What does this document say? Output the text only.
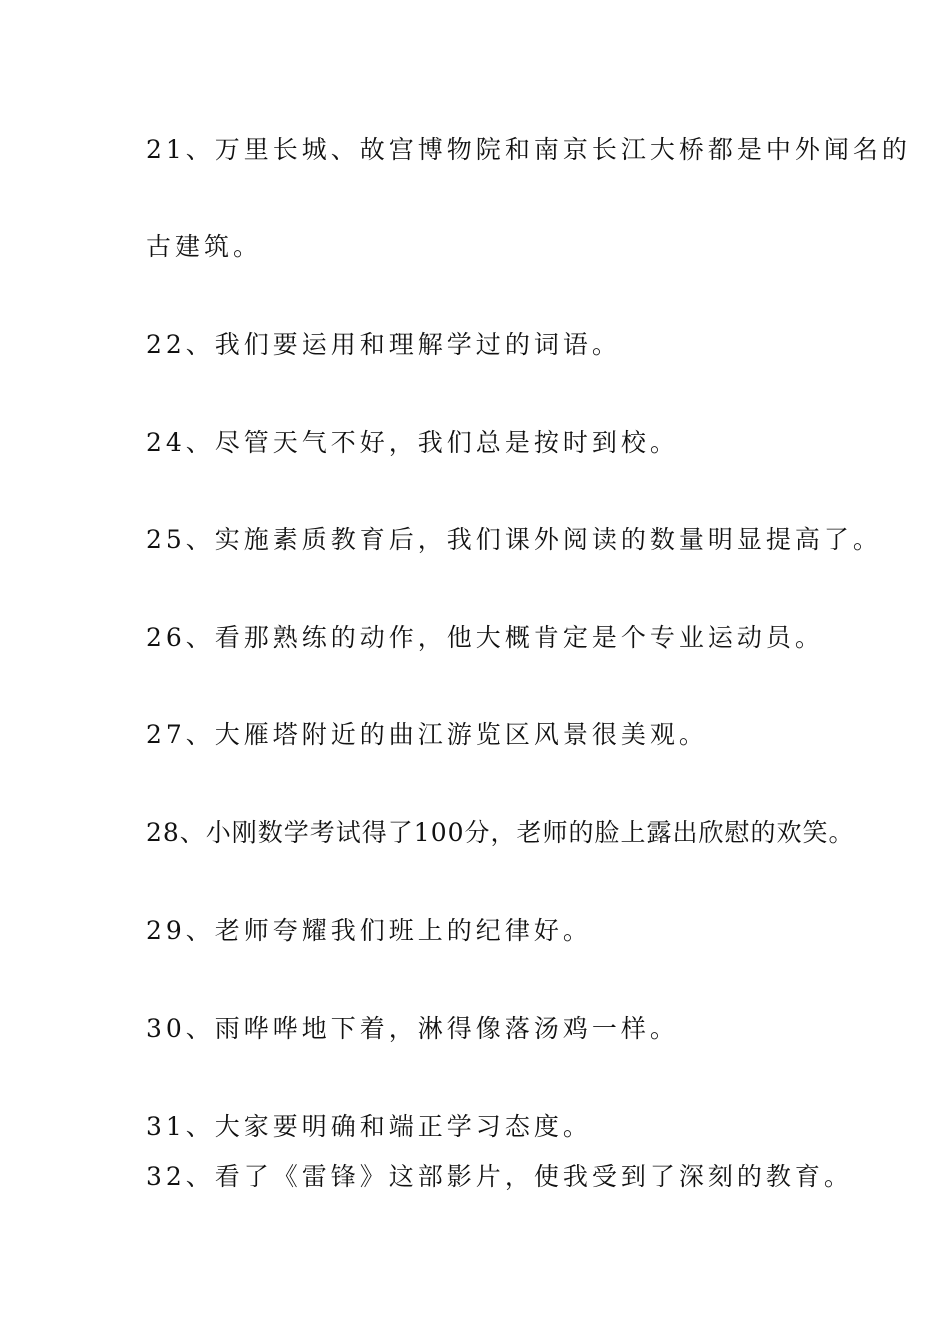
21、万里长城、故宫博物院和南京长江大桥都是中外闻名的
古建筑。
22、我们要运用和理解学过的词语。
24、尽管天气不好，我们总是按时到校。
25、实施素质教育后，我们课外阅读的数量明显提高了。
26、看那熟练的动作，他大概肯定是个专业运动员。
27、大雁塔附近的曲江游览区风景很美观。
28、小刚数学考试得了100分，老师的脸上露出欣慰的欢笑。
29、老师夸耀我们班上的纪律好。
30、雨哗哗地下着，淋得像落汤鸡一样。
31、大家要明确和端正学习态度。
32、看了《雷锋》这部影片，使我受到了深刻的教育。
